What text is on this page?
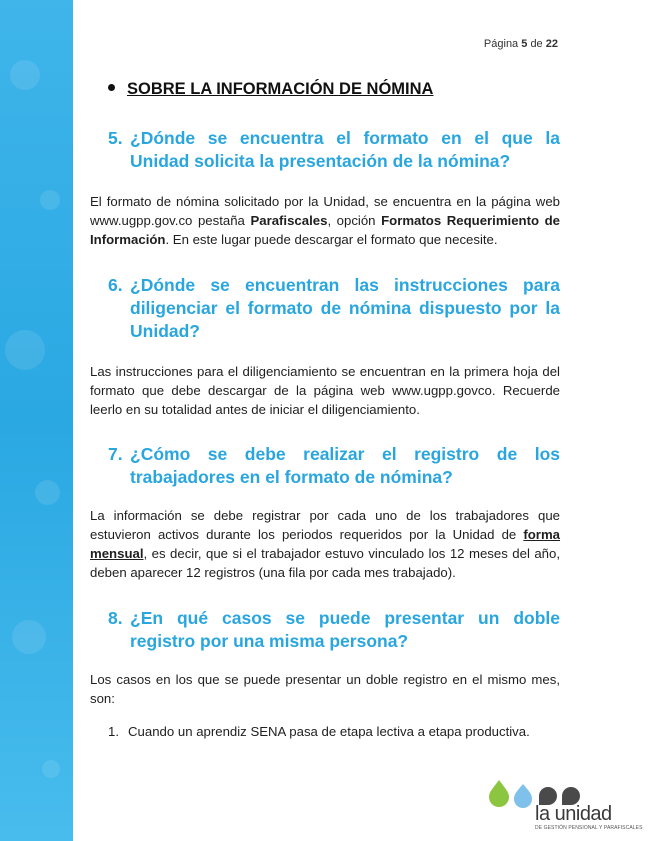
Página 5 de 22
SOBRE LA INFORMACIÓN DE NÓMINA
5. ¿Dónde se encuentra el formato en el que la Unidad solicita la presentación de la nómina?
El formato de nómina solicitado por la Unidad, se encuentra en la página web www.ugpp.gov.co pestaña Parafiscales, opción Formatos Requerimiento de Información. En este lugar puede descargar el formato que necesite.
6. ¿Dónde se encuentran las instrucciones para diligenciar el formato de nómina dispuesto por la Unidad?
Las instrucciones para el diligenciamiento se encuentran en la primera hoja del formato que debe descargar de la página web www.ugpp.govco. Recuerde leerlo en su totalidad antes de iniciar el diligenciamiento.
7. ¿Cómo se debe realizar el registro de los trabajadores en el formato de nómina?
La información se debe registrar por cada uno de los trabajadores que estuvieron activos durante los periodos requeridos por la Unidad de forma mensual, es decir, que si el trabajador estuvo vinculado los 12 meses del año, deben aparecer 12 registros (una fila por cada mes trabajado).
8. ¿En qué casos se puede presentar un doble registro por una misma persona?
Los casos en los que se puede presentar un doble registro en el mismo mes, son:
1. Cuando un aprendiz SENA pasa de etapa lectiva a etapa productiva.
la unidad
DE GESTIÓN PENSIONAL Y PARAFISCALES
